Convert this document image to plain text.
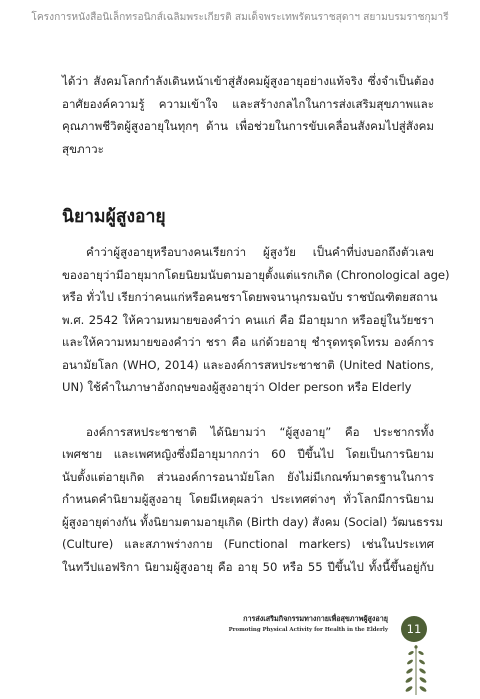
โครงการหนังสือนิเล็กทรอนิกส์เฉลิมพระเกียรติ สมเด็จพระเทพรัตนราชสุดาฯ สยามบรมราชกุมารี
ได้ว่า สังคมโลกกำลังเดินหน้าเข้าสู่สังคมผู้สูงอายุอย่างแท้จริง ซึ่งจำเป็นต้อง
อาศัยองค์ความรู้ ความเข้าใจ และสร้างกลไกในการส่งเสริมสุขภาพและ
คุณภาพชีวิตผู้สูงอายุในทุกๆ ด้าน เพื่อช่วยในการขับเคลื่อนสังคมไปสู่สังคม
สุขภาวะ
นิยามผู้สูงอายุ
คำว่าผู้สูงอายุหรือบางคนเรียกว่า ผู้สูงวัย เป็นคำที่บ่งบอกถึงตัวเลข
ของอายุว่ามีอายุมากโดยนิยมนับตามอายุตั้งแต่แรกเกิด (Chronological age)
หรือ ทั่วไป เรียกว่าคนแก่หรือคนชราโดยพจนานุกรมฉบับ ราชบัณฑิตยสถาน
พ.ศ. 2542 ให้ความหมายของคำว่า คนแก่ คือ มีอายุมาก หรืออยู่ในวัยชรา
และให้ความหมายของคำว่า ชรา คือ แก่ด้วยอายุ ชำรุดทรุดโทรม องค์การ
อนามัยโลก (WHO, 2014) และองค์การสหประชาชาติ (United Nations,
UN) ใช้คำในภาษาอังกฤษของผู้สูงอายุว่า Older person หรือ Elderly
องค์การสหประชาชาติ ได้นิยามว่า “ผู้สูงอายุ” คือ ประชากรทั้ง
เพศชาย และเพศหญิงซึ่งมีอายุมากกว่า 60 ปีขึ้นไป โดยเป็นการนิยาม
นับตั้งแต่อายุเกิด ส่วนองค์การอนามัยโลก ยังไม่มีเกณฑ์มาตรฐานในการ
กำหนดคำนิยามผู้สูงอายุ โดยมีเหตุผลว่า ประเทศต่างๆ ทั่วโลกมีการนิยาม
ผู้สูงอายุต่างกัน ทั้งนิยามตามอายุเกิด (Birth day) สังคม (Social) วัฒนธรรม
(Culture) และสภาพร่างกาย (Functional markers) เช่นในประเทศ
ในทวีปแอฟริกา นิยามผู้สูงอายุ คือ อายุ 50 หรือ 55 ปีขึ้นไป ทั้งนี้ขึ้นอยู่กับ
การส่งเสริมกิจกรรมทางกายเพื่อสุขภาพผู้สูงอายุ
Promoting Physical Activity for Health in the Elderly	11
